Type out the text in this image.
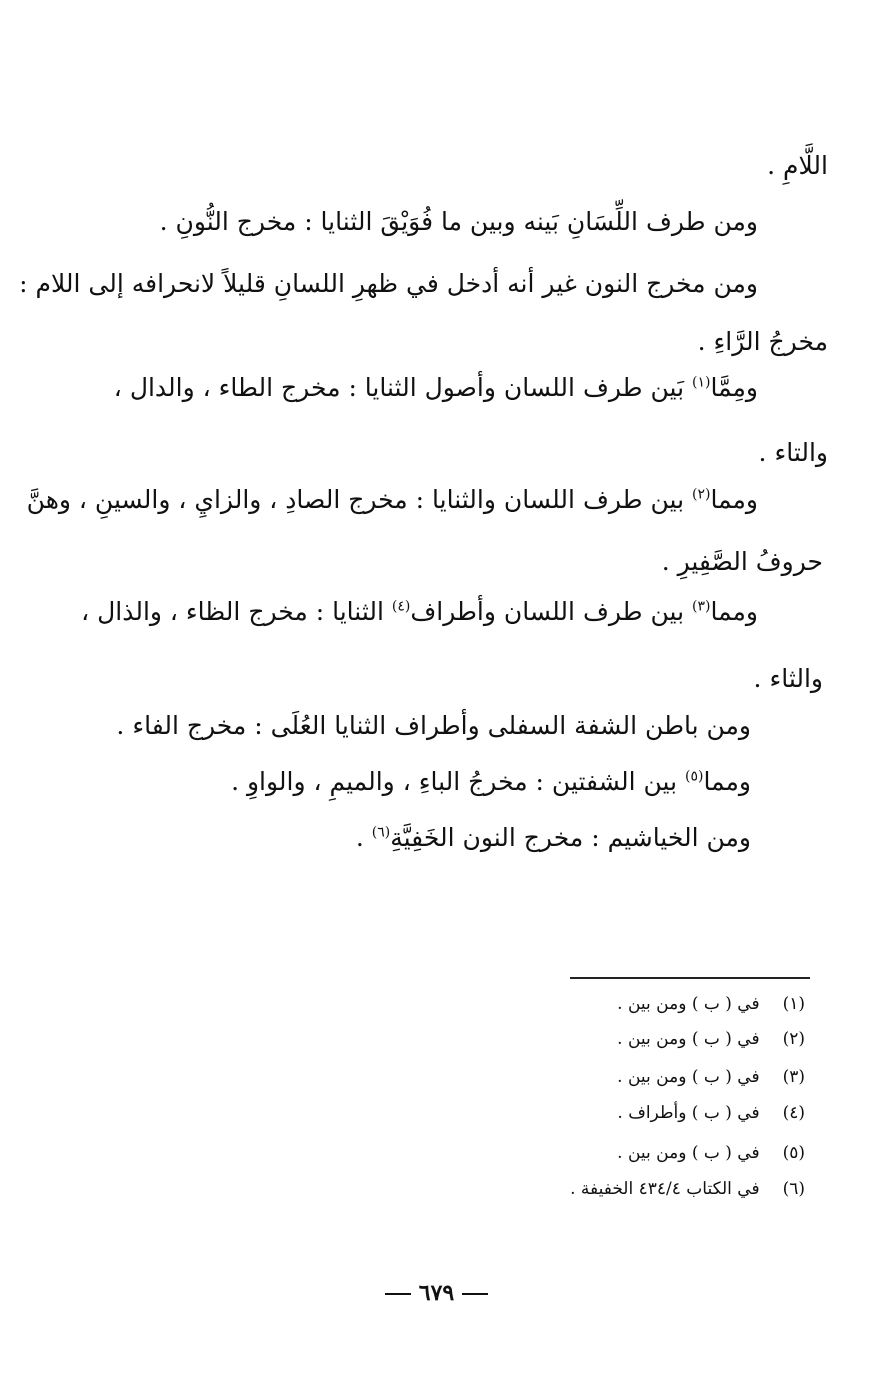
اللَّامِ .
ومن طرف اللِّسَانِ بَينه وبين ما فُوَيْقَ الثنايا : مخرج النُّونِ .
ومن مخرج النون غير أنه أدخل في ظهرِ اللسانِ قليلاً لانحرافه إلى اللام :
مخرجُ الرَّاءِ .
ومِمَّا$^{(١)}$ بَين طرف اللسان وأصول الثنايا : مخرج الطاء ، والدال ،
والتاء .
ومما$^{(٢)}$ بين طرف اللسان والثنايا : مخرج الصادِ ، والزايِ ، والسينِ ، وهنَّ
حروفُ الصَّفِيرِ .
ومما$^{(٣)}$ بين طرف اللسان وأطراف$^{(٤)}$ الثنايا : مخرج الظاء ، والذال ،
والثاء .
ومن باطن الشفة السفلى وأطراف الثنايا العُلَى : مخرج الفاء .
ومما$^{(٥)}$ بين الشفتين : مخرجُ الباءِ ، والميمِ ، والواوِ .
ومن الخياشيم : مخرج النون الخَفِيَّةِ$^{(٦)}$ .
(١) في ( ب ) ومن بين .
(٢) في ( ب ) ومن بين .
(٣) في ( ب ) ومن بين .
(٤) في ( ب ) وأطراف .
(٥) في ( ب ) ومن بين .
(٦) في الكتاب ٤٣٤/٤ الخفيفة .
٦٧٩
